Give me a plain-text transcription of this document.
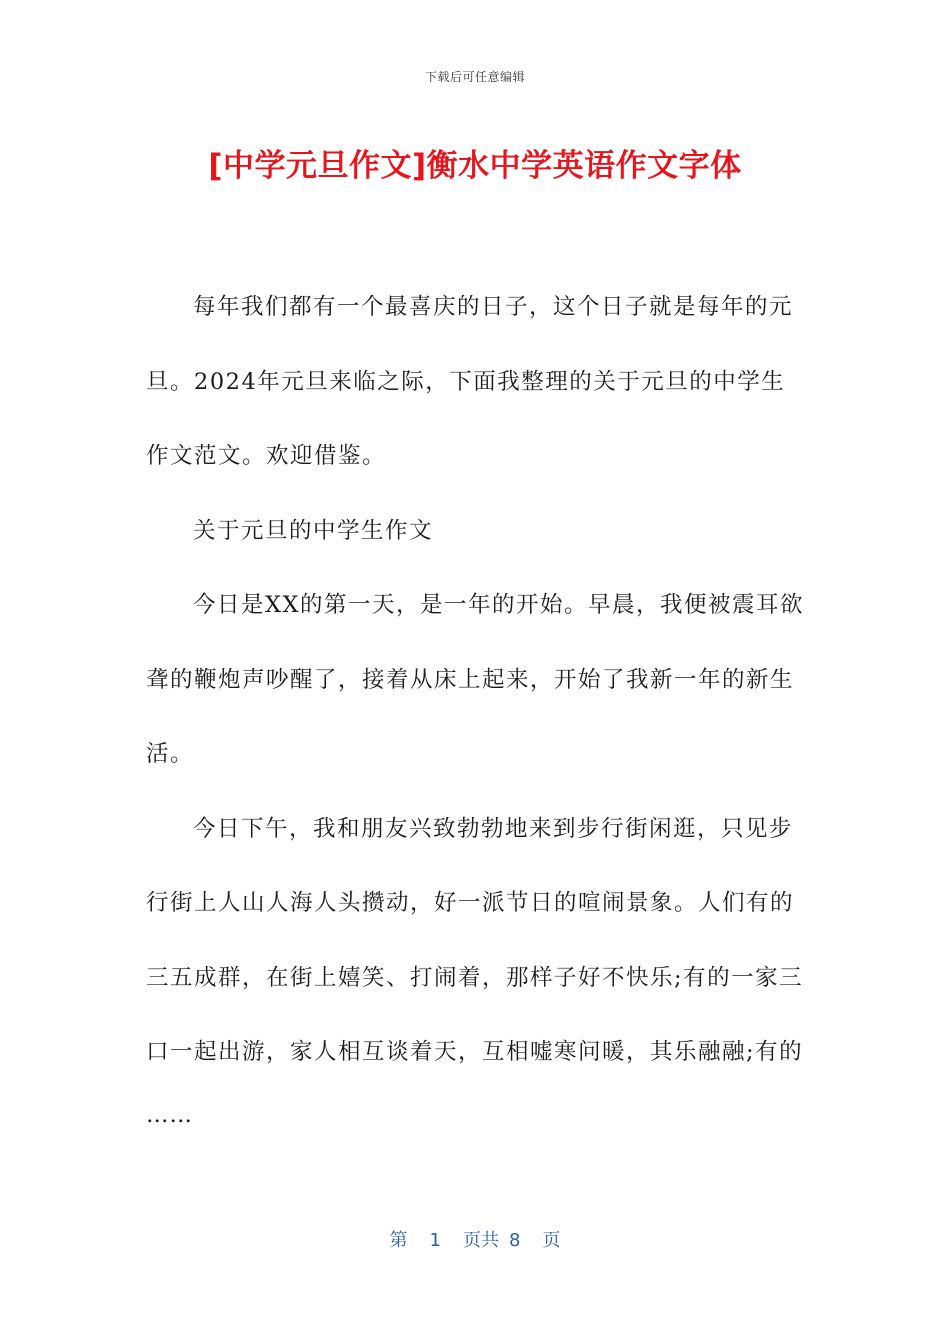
下载后可任意编辑
[中学元旦作文]衡水中学英语作文字体

每年我们都有一个最喜庆的日子，这个日子就是每年的元旦。2024年元旦来临之际，下面我整理的关于元旦的中学生作文范文。欢迎借鉴。

关于元旦的中学生作文

今日是XX的第一天，是一年的开始。早晨，我便被震耳欲聋的鞭炮声吵醒了，接着从床上起来，开始了我新一年的新生活。

今日下午，我和朋友兴致勃勃地来到步行街闲逛，只见步行街上人山人海人头攒动，好一派节日的喧闹景象。人们有的三五成群，在街上嬉笑、打闹着，那样子好不快乐;有的一家三口一起出游，家人相互谈着天，互相嘘寒问暖，其乐融融;有的

……

第 1 页共 8 页
